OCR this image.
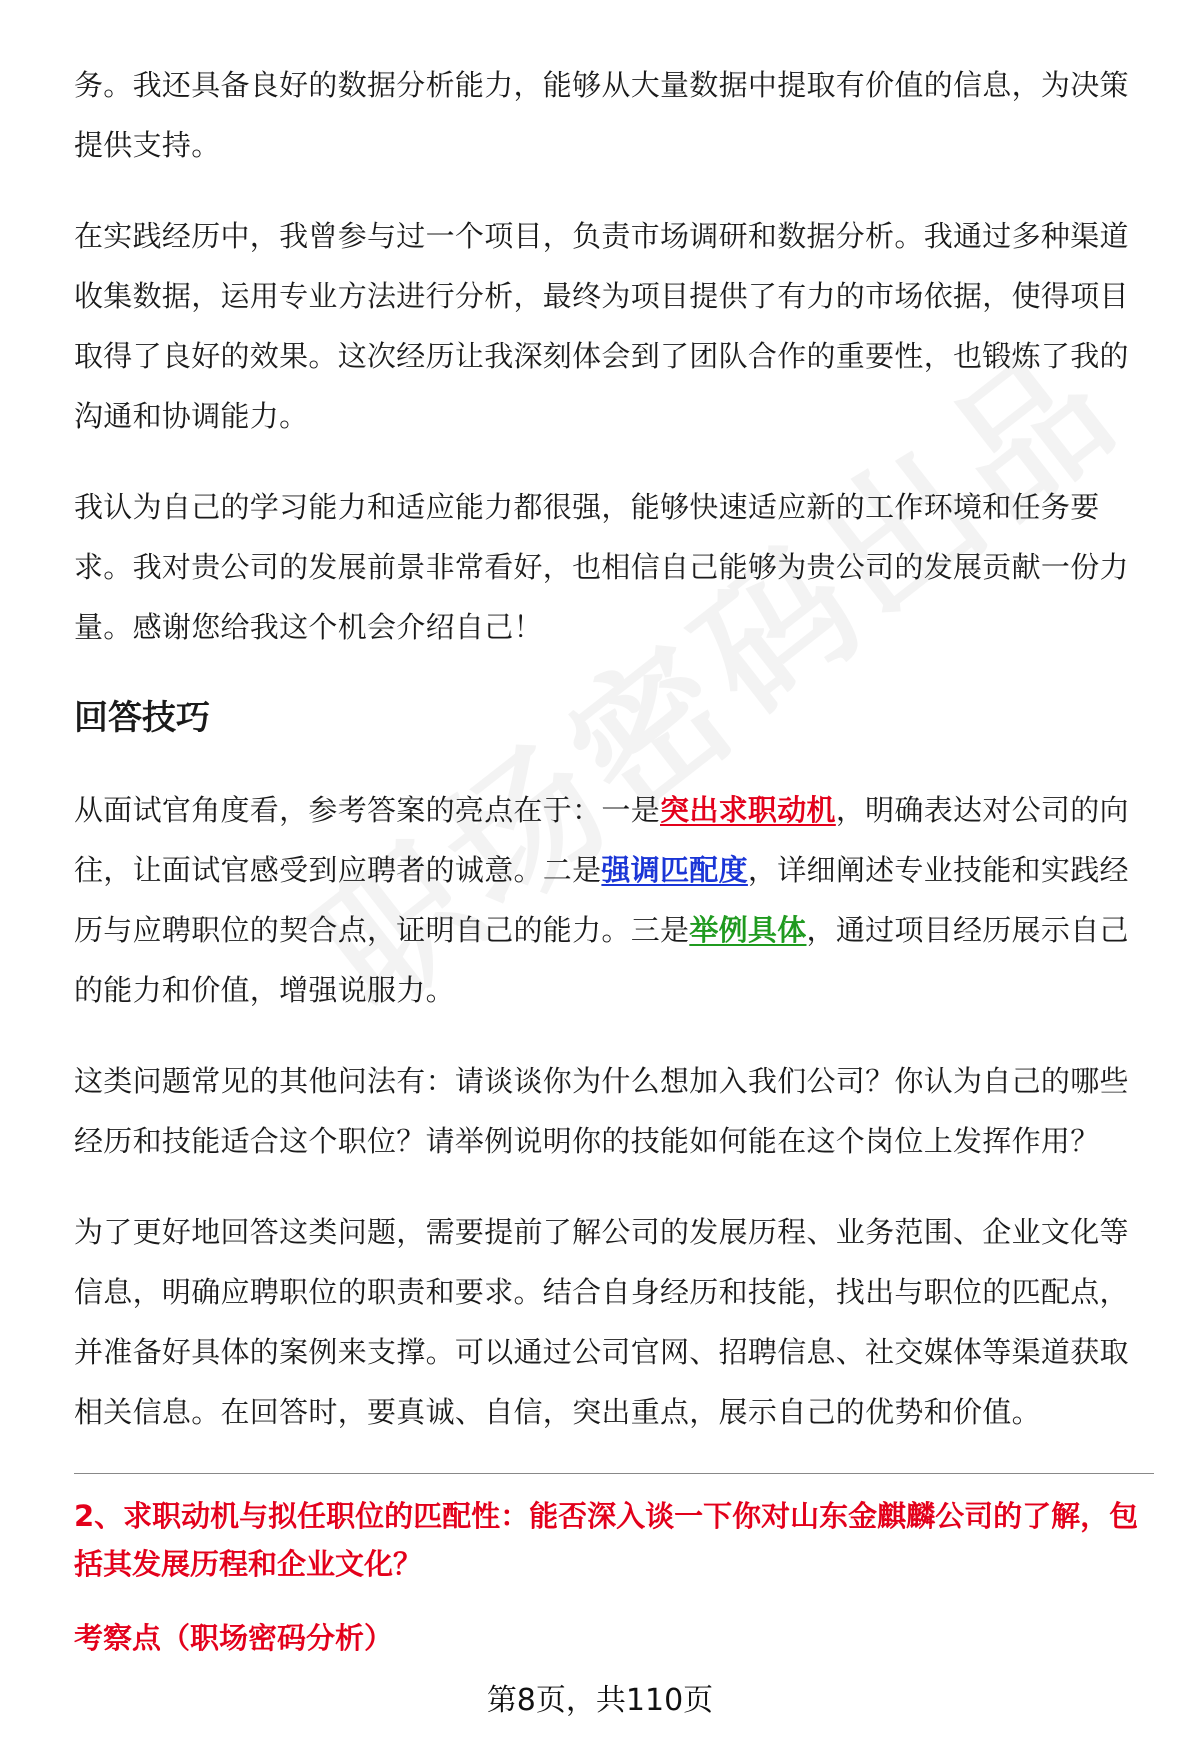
务。我还具备良好的数据分析能力，能够从大量数据中提取有价值的信息，为决策提供支持。

在实践经历中，我曾参与过一个项目，负责市场调研和数据分析。我通过多种渠道收集数据，运用专业方法进行分析，最终为项目提供了有力的市场依据，使得项目取得了良好的效果。这次经历让我深刻体会到了团队合作的重要性，也锻炼了我的沟通和协调能力。

我认为自己的学习能力和适应能力都很强，能够快速适应新的工作环境和任务要求。我对贵公司的发展前景非常看好，也相信自己能够为贵公司的发展贡献一份力量。感谢您给我这个机会介绍自己！

回答技巧

从面试官角度看，参考答案的亮点在于：一是突出求职动机，明确表达对公司的向往，让面试官感受到应聘者的诚意。二是强调匹配度，详细阐述专业技能和实践经历与应聘职位的契合点，证明自己的能力。三是举例具体，通过项目经历展示自己的能力和价值，增强说服力。

这类问题常见的其他问法有：请谈谈你为什么想加入我们公司？你认为自己的哪些经历和技能适合这个职位？请举例说明你的技能如何能在这个岗位上发挥作用？

为了更好地回答这类问题，需要提前了解公司的发展历程、业务范围、企业文化等信息，明确应聘职位的职责和要求。结合自身经历和技能，找出与职位的匹配点，并准备好具体的案例来支撑。可以通过公司官网、招聘信息、社交媒体等渠道获取相关信息。在回答时，要真诚、自信，突出重点，展示自己的优势和价值。

2、求职动机与拟任职位的匹配性：能否深入谈一下你对山东金麒麟公司的了解，包括其发展历程和企业文化？
考察点（职场密码分析）
第8页，共110页
